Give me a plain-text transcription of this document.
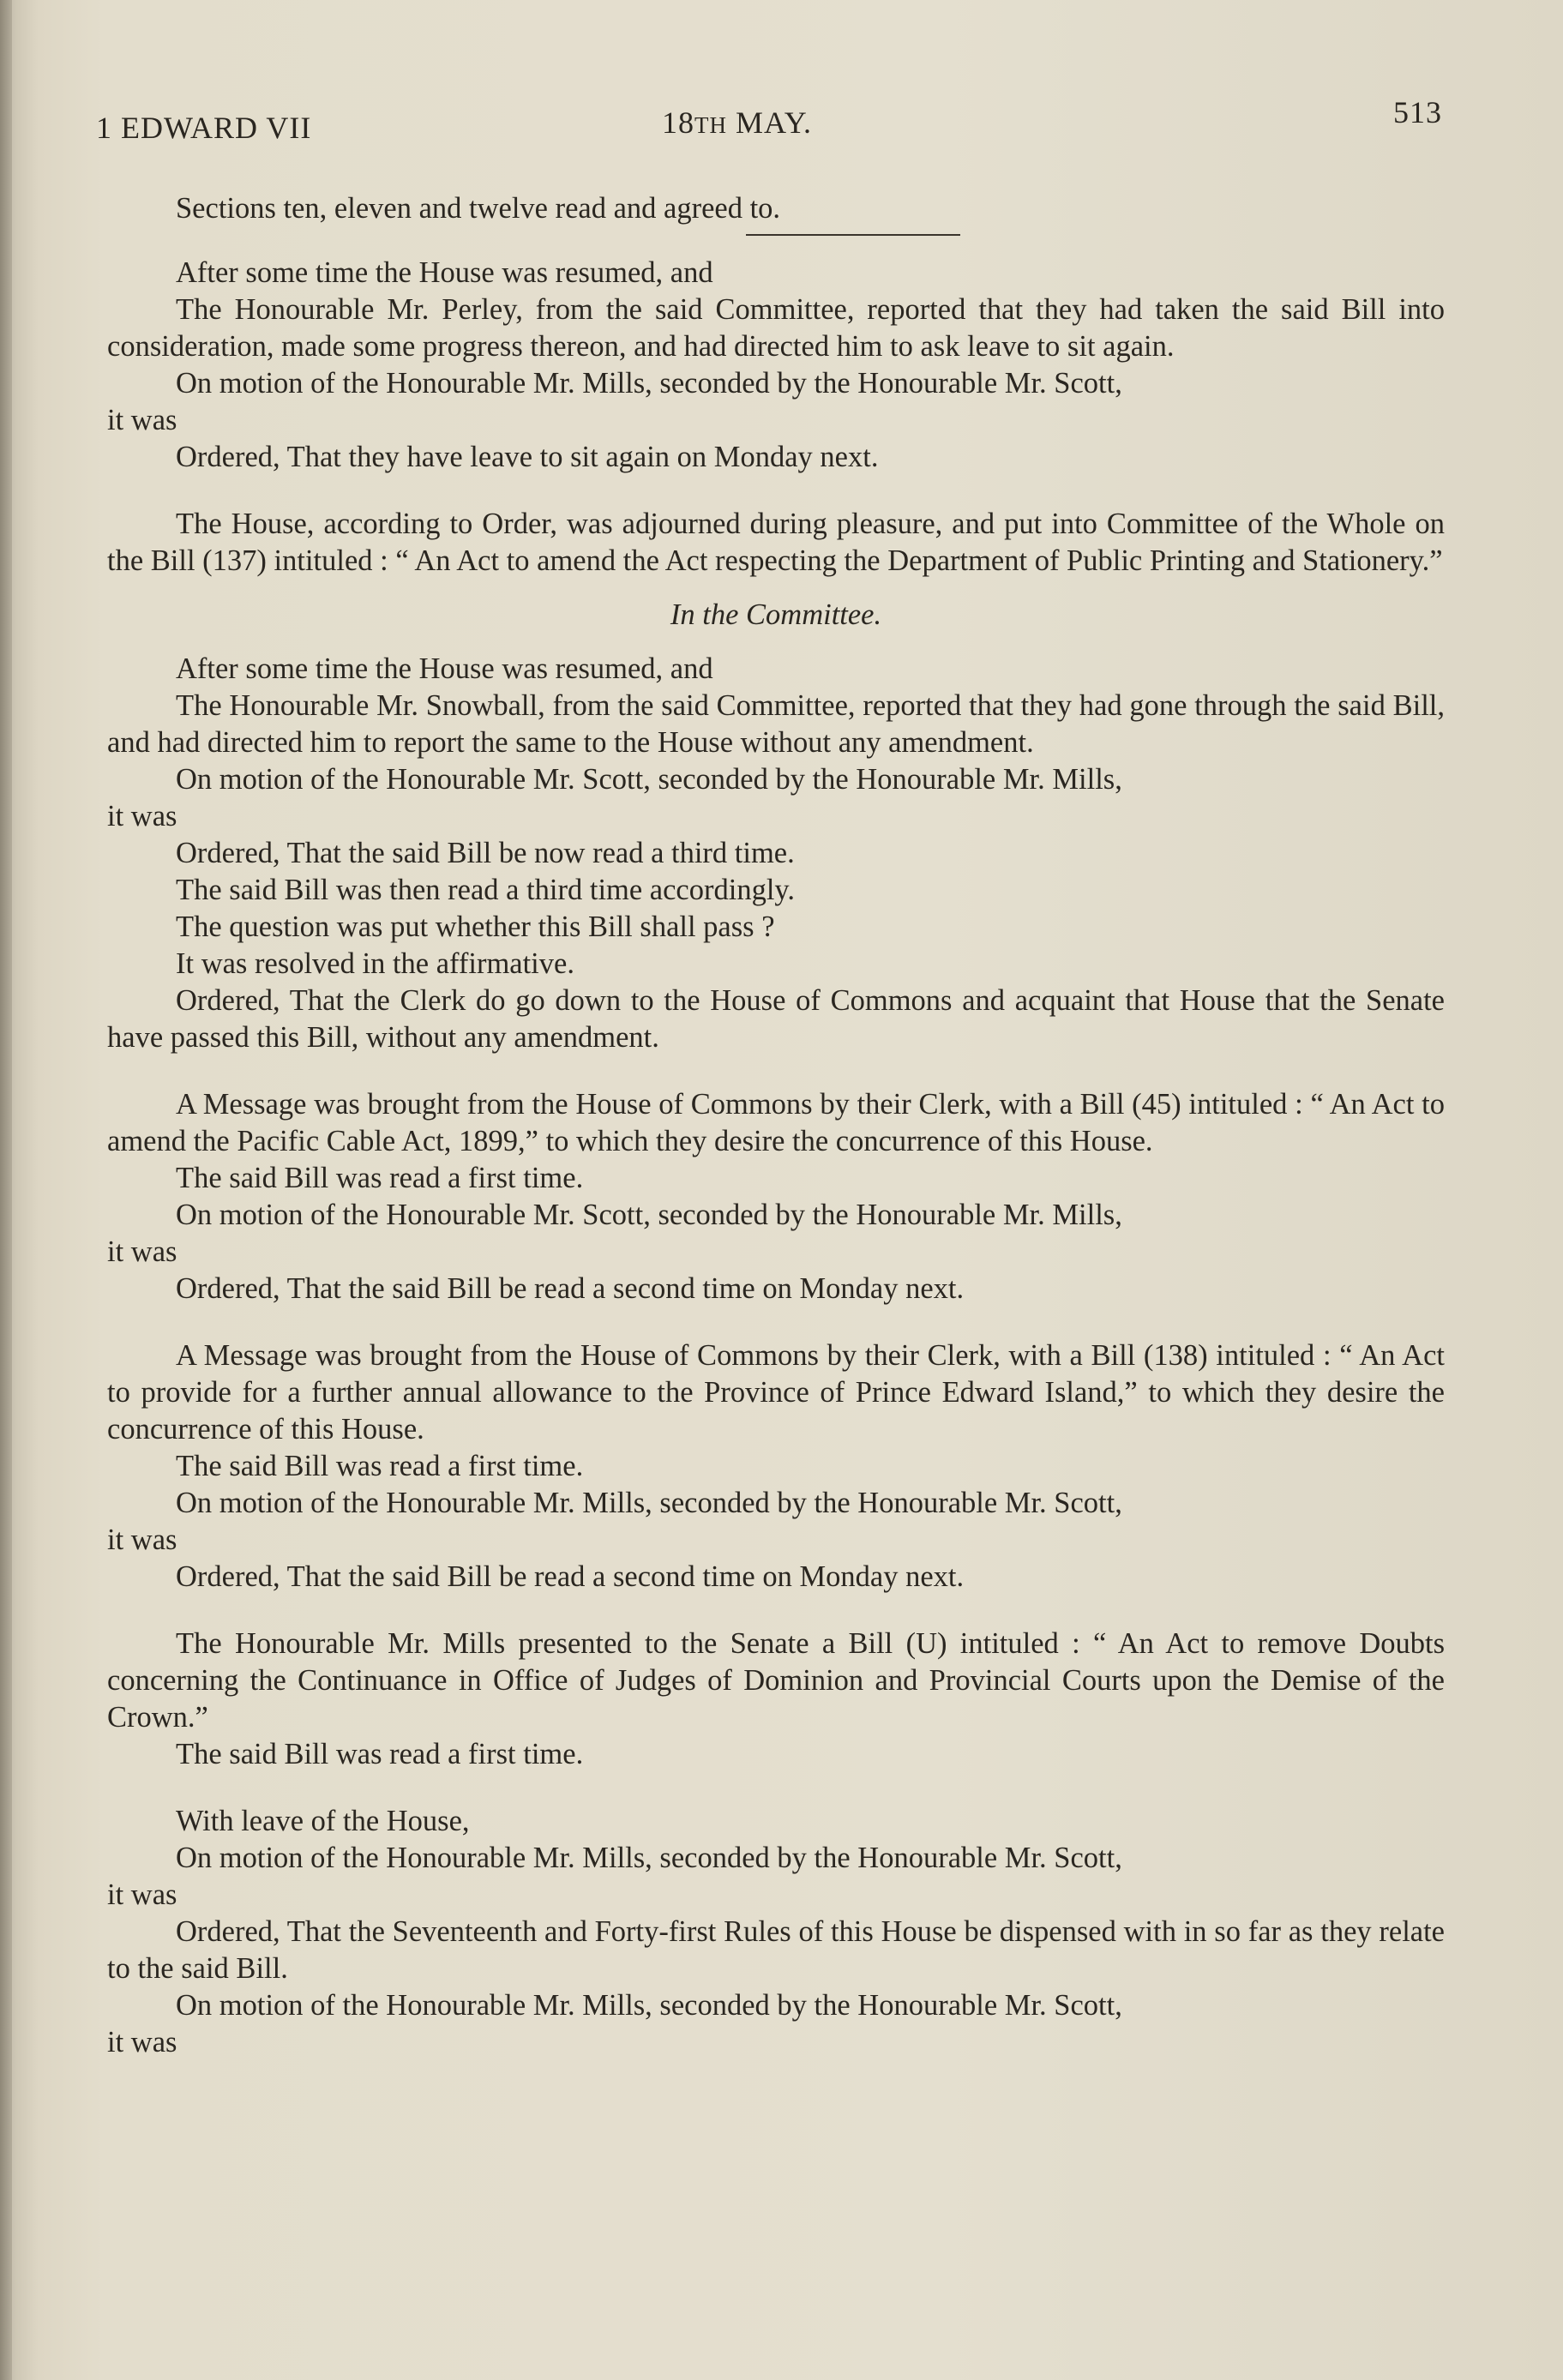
1 EDWARD VII	18TH MAY.	513

Sections ten, eleven and twelve read and agreed to.

After some time the House was resumed, and

The Honourable Mr. Perley, from the said Committee, reported that they had taken the said Bill into consideration, made some progress thereon, and had directed him to ask leave to sit again.

On motion of the Honourable Mr. Mills, seconded by the Honourable Mr. Scott,

it was

Ordered, That they have leave to sit again on Monday next.

The House, according to Order, was adjourned during pleasure, and put into Committee of the Whole on the Bill (137) intituled : “ An Act to amend the Act respecting the Department of Public Printing and Stationery.”

In the Committee.

After some time the House was resumed, and

The Honourable Mr. Snowball, from the said Committee, reported that they had gone through the said Bill, and had directed him to report the same to the House without any amendment.

On motion of the Honourable Mr. Scott, seconded by the Honourable Mr. Mills,

it was

Ordered, That the said Bill be now read a third time.

The said Bill was then read a third time accordingly.

The question was put whether this Bill shall pass ?

It was resolved in the affirmative.

Ordered, That the Clerk do go down to the House of Commons and acquaint that House that the Senate have passed this Bill, without any amendment.

A Message was brought from the House of Commons by their Clerk, with a Bill (45) intituled : “ An Act to amend the Pacific Cable Act, 1899,” to which they desire the concurrence of this House.

The said Bill was read a first time.

On motion of the Honourable Mr. Scott, seconded by the Honourable Mr. Mills,

it was

Ordered, That the said Bill be read a second time on Monday next.

A Message was brought from the House of Commons by their Clerk, with a Bill (138) intituled : “ An Act to provide for a further annual allowance to the Province of Prince Edward Island,” to which they desire the concurrence of this House.

The said Bill was read a first time.

On motion of the Honourable Mr. Mills, seconded by the Honourable Mr. Scott,

it was

Ordered, That the said Bill be read a second time on Monday next.

The Honourable Mr. Mills presented to the Senate a Bill (U) intituled : “ An Act to remove Doubts concerning the Continuance in Office of Judges of Dominion and Provincial Courts upon the Demise of the Crown.”

The said Bill was read a first time.

With leave of the House,

On motion of the Honourable Mr. Mills, seconded by the Honourable Mr. Scott,

it was

Ordered, That the Seventeenth and Forty-first Rules of this House be dispensed with in so far as they relate to the said Bill.

On motion of the Honourable Mr. Mills, seconded by the Honourable Mr. Scott,

it was
